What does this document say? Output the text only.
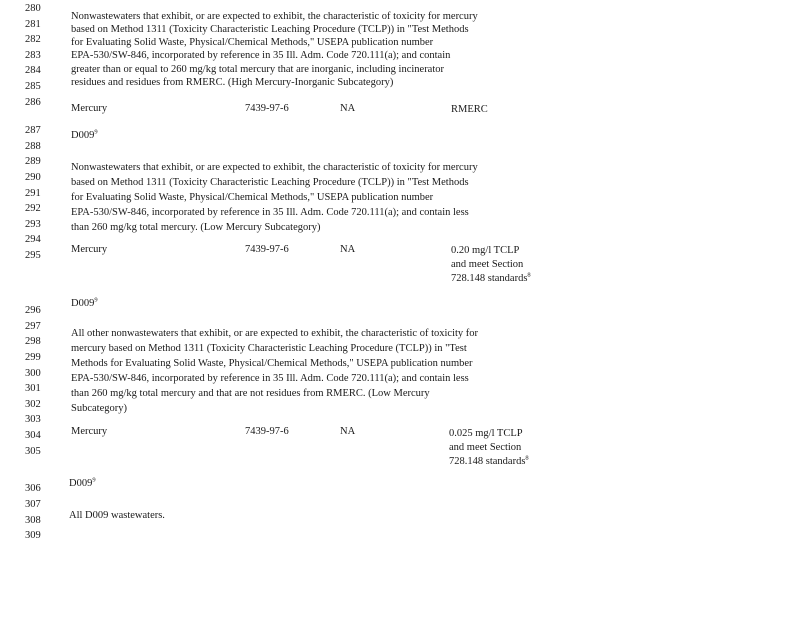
280
281
282
283
284
285
286
287
288
289
290
291
292
293
294
295
296
297
298
299
300
301
302
303
304
305
306
307
308
309
Nonwastewaters that exhibit, or are expected to exhibit, the characteristic of toxicity for mercury
based on Method 1311 (Toxicity Characteristic Leaching Procedure (TCLP)) in "Test Methods
for Evaluating Solid Waste, Physical/Chemical Methods," USEPA publication number
EPA-530/SW-846, incorporated by reference in 35 Ill. Adm. Code 720.111(a); and contain
greater than or equal to 260 mg/kg total mercury that are inorganic, including incinerator
residues and residues from RMERC. (High Mercury-Inorganic Subcategory)
Mercury	7439-97-6	NA	RMERC
$D009^9$
Nonwastewaters that exhibit, or are expected to exhibit, the characteristic of toxicity for mercury
based on Method 1311 (Toxicity Characteristic Leaching Procedure (TCLP)) in "Test Methods
for Evaluating Solid Waste, Physical/Chemical Methods," USEPA publication number
EPA-530/SW-846, incorporated by reference in 35 Ill. Adm. Code 720.111(a); and contain less
than 260 mg/kg total mercury. (Low Mercury Subcategory)
Mercury	7439-97-6	NA	0.20 mg/l TCLP
and meet Section
728.148 standards$^8$
$D009^9$
All other nonwastewaters that exhibit, or are expected to exhibit, the characteristic of toxicity for
mercury based on Method 1311 (Toxicity Characteristic Leaching Procedure (TCLP)) in "Test
Methods for Evaluating Solid Waste, Physical/Chemical Methods," USEPA publication number
EPA-530/SW-846, incorporated by reference in 35 Ill. Adm. Code 720.111(a); and contain less
than 260 mg/kg total mercury and that are not residues from RMERC. (Low Mercury
Subcategory)
Mercury	7439-97-6	NA	0.025 mg/l TCLP
and meet Section
728.148 standards$^8$
$D009^9$
All D009 wastewaters.
